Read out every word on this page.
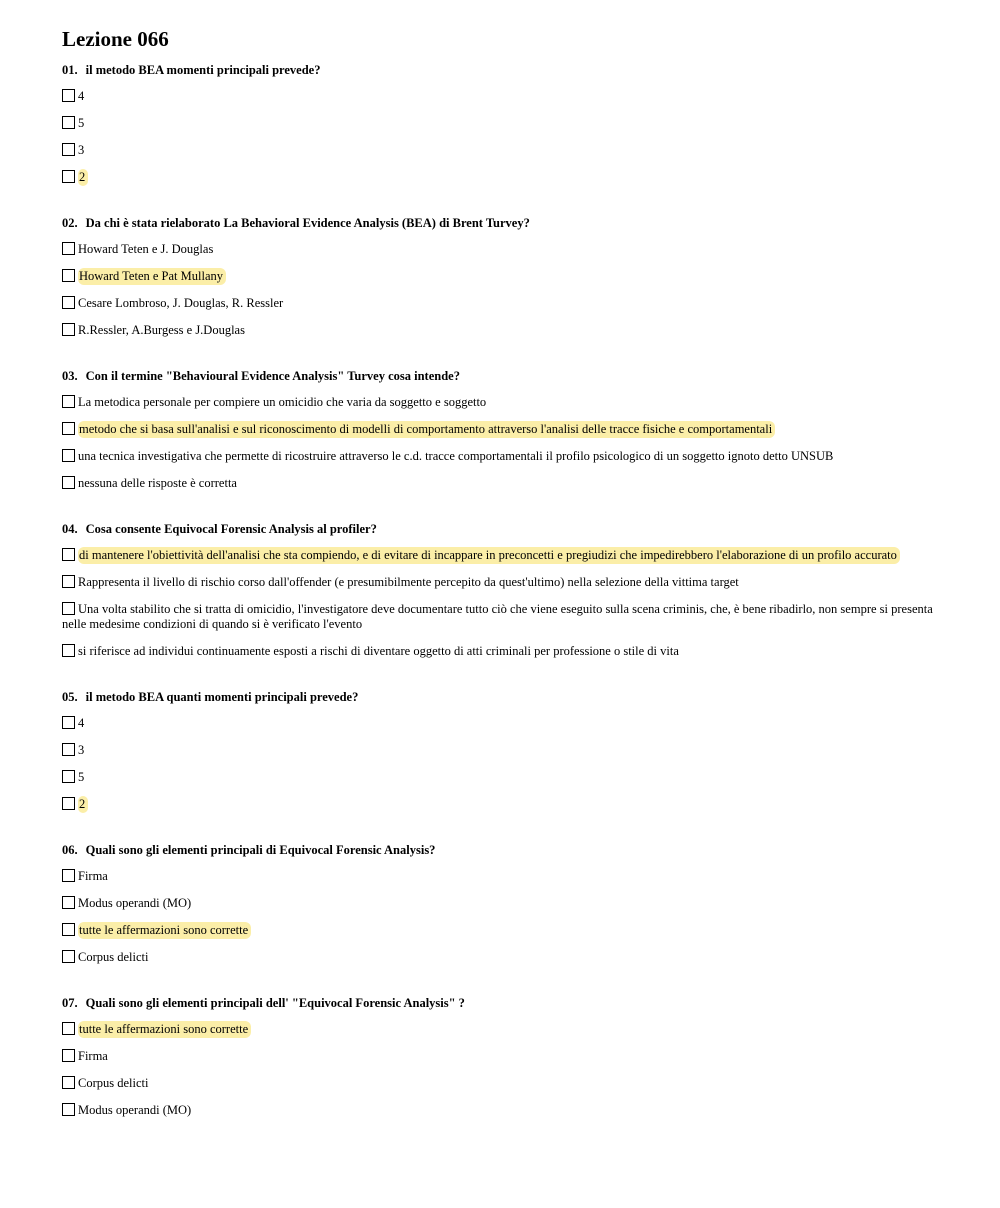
Lezione 066
01. il metodo BEA momenti principali prevede?
4
5
3
2
02. Da chi è stata rielaborato La Behavioral Evidence Analysis (BEA) di Brent Turvey?
Howard Teten e J. Douglas
Howard Teten e Pat Mullany
Cesare Lombroso, J. Douglas, R. Ressler
R.Ressler, A.Burgess e J.Douglas
03. Con il termine "Behavioural Evidence Analysis" Turvey cosa intende?
La metodica personale per compiere un omicidio che varia da soggetto e soggetto
metodo che si basa sull'analisi e sul riconoscimento di modelli di comportamento attraverso l'analisi delle tracce fisiche e comportamentali
una tecnica investigativa che permette di ricostruire attraverso le c.d. tracce comportamentali il profilo psicologico di un soggetto ignoto detto UNSUB
nessuna delle risposte è corretta
04. Cosa consente Equivocal Forensic Analysis al profiler?
di mantenere l'obiettività dell'analisi che sta compiendo, e di evitare di incappare in preconcetti e pregiudizi che impedirebbero l'elaborazione di un profilo accurato
Rappresenta il livello di rischio corso dall'offender (e presumibilmente percepito da quest'ultimo) nella selezione della vittima target
Una volta stabilito che si tratta di omicidio, l'investigatore deve documentare tutto ciò che viene eseguito sulla scena criminis, che, è bene ribadirlo, non sempre si presenta nelle medesime condizioni di quando si è verificato l'evento
si riferisce ad individui continuamente esposti a rischi di diventare oggetto di atti criminali per professione o stile di vita
05. il metodo BEA quanti momenti principali prevede?
4
3
5
2
06. Quali sono gli elementi principali di Equivocal Forensic Analysis?
Firma
Modus operandi (MO)
tutte le affermazioni sono corrette
Corpus delicti
07. Quali sono gli elementi principali dell' "Equivocal Forensic Analysis" ?
tutte le affermazioni sono corrette
Firma
Corpus delicti
Modus operandi (MO)
